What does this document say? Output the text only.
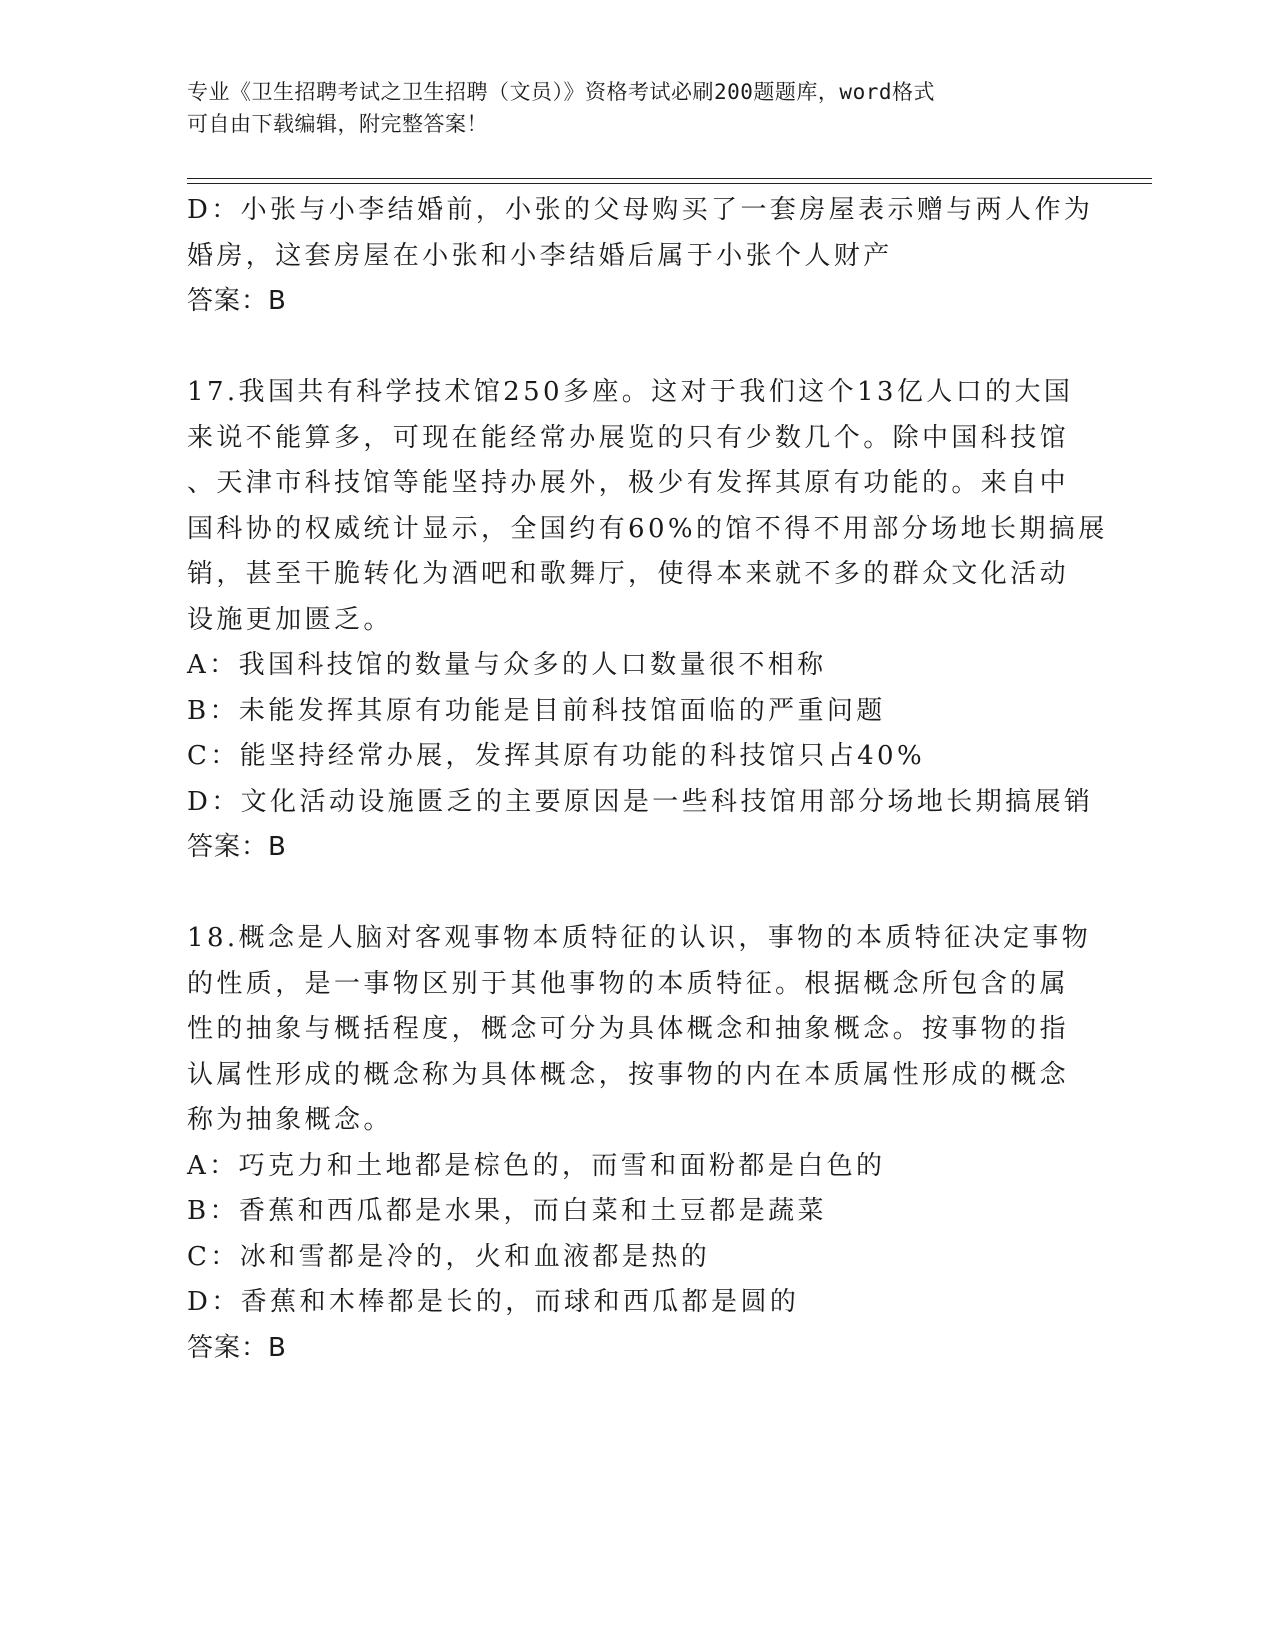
专业《卫生招聘考试之卫生招聘（文员）》资格考试必刷200题题库，word格式
可自由下载编辑，附完整答案！
D：小张与小李结婚前，小张的父母购买了一套房屋表示赠与两人作为
婚房，这套房屋在小张和小李结婚后属于小张个人财产
答案：B
17.我国共有科学技术馆250多座。这对于我们这个13亿人口的大国
来说不能算多，可现在能经常办展览的只有少数几个。除中国科技馆
、天津市科技馆等能坚持办展外，极少有发挥其原有功能的。来自中
国科协的权威统计显示，全国约有60%的馆不得不用部分场地长期搞展
销，甚至干脆转化为酒吧和歌舞厅，使得本来就不多的群众文化活动
设施更加匮乏。
A：我国科技馆的数量与众多的人口数量很不相称
B：未能发挥其原有功能是目前科技馆面临的严重问题
C：能坚持经常办展，发挥其原有功能的科技馆只占40%
D：文化活动设施匮乏的主要原因是一些科技馆用部分场地长期搞展销
答案：B
18.概念是人脑对客观事物本质特征的认识，事物的本质特征决定事物
的性质，是一事物区别于其他事物的本质特征。根据概念所包含的属
性的抽象与概括程度，概念可分为具体概念和抽象概念。按事物的指
认属性形成的概念称为具体概念，按事物的内在本质属性形成的概念
称为抽象概念。
A：巧克力和土地都是棕色的，而雪和面粉都是白色的
B：香蕉和西瓜都是水果，而白菜和土豆都是蔬菜
C：冰和雪都是冷的，火和血液都是热的
D：香蕉和木棒都是长的，而球和西瓜都是圆的
答案：B
